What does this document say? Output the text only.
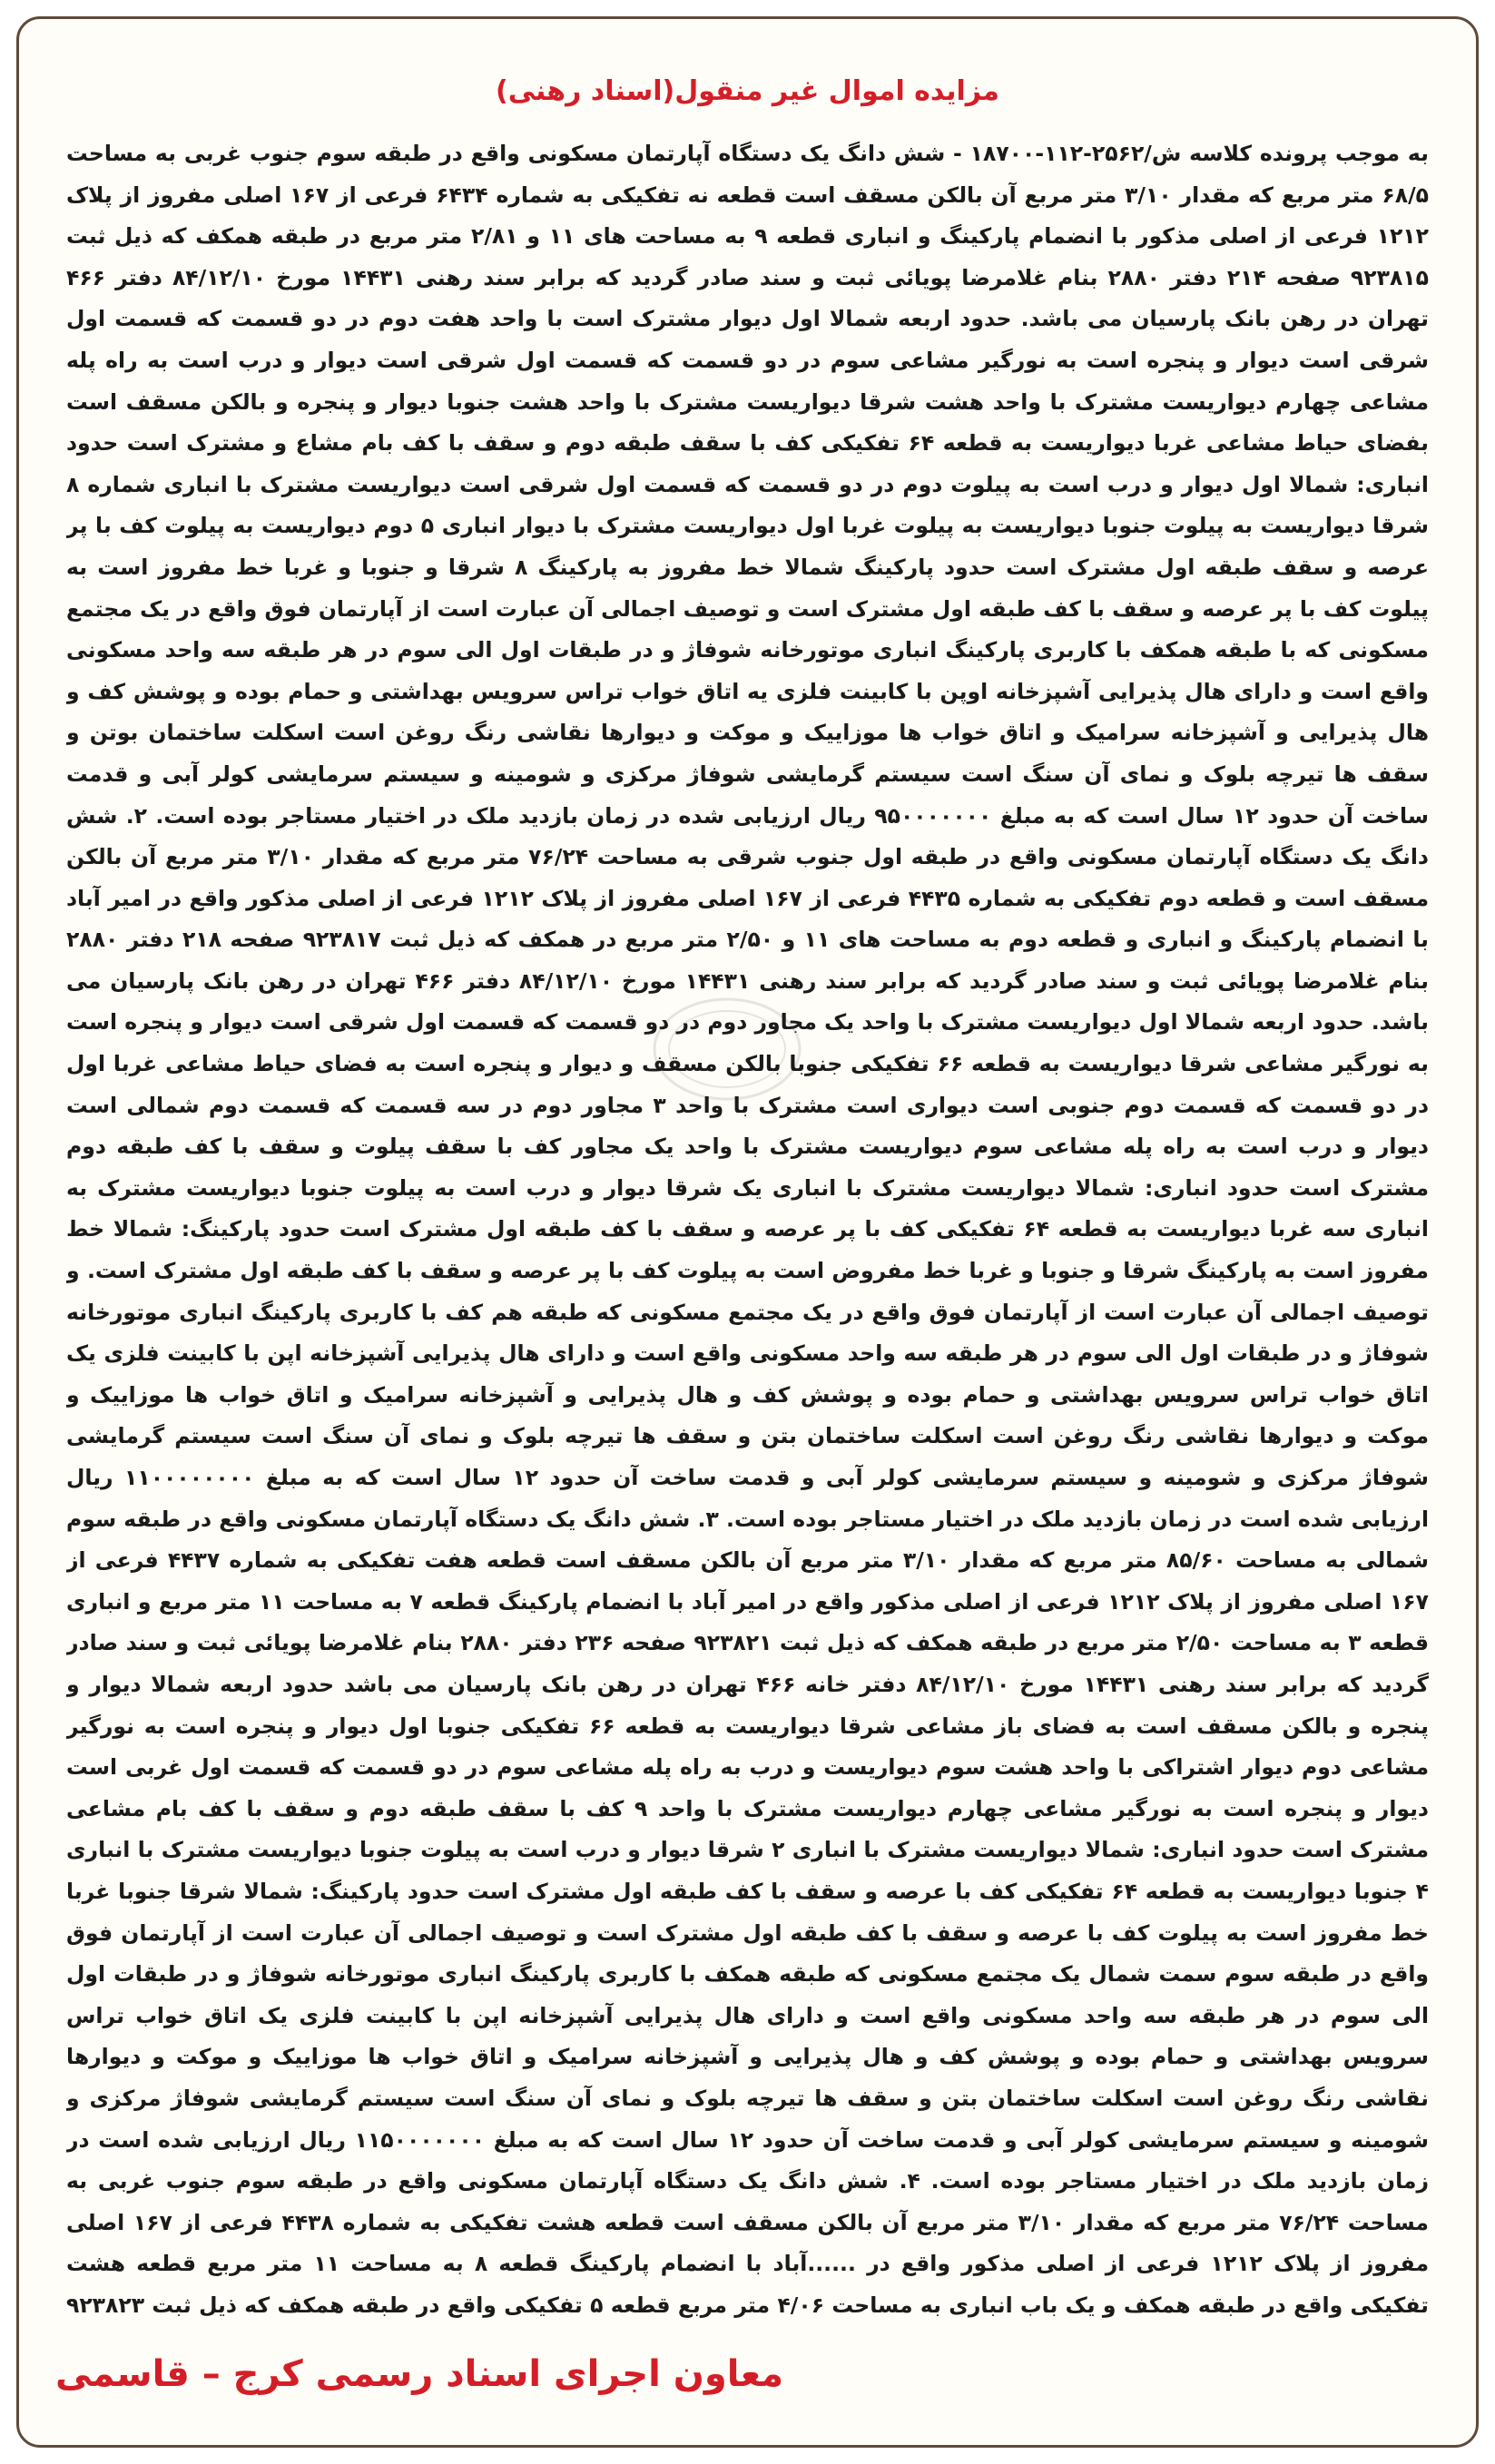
مزایده اموال غیر منقول(اسناد رهنی)

به موجب پرونده کلاسه ش/۲۵۶۲-۱۱۲-۱۸۷۰۰ - شش دانگ یک دستگاه آپارتمان مسکونی واقع در طبقه سوم جنوب غربی به مساحت ۶۸/۵ متر مربع که مقدار ۳/۱۰ متر مربع آن بالکن مسقف است قطعه نه تفکیکی به شماره ۶۴۳۴ فرعی از ۱۶۷ اصلی مفروز از پلاک ۱۲۱۲ فرعی از اصلی مذکور با انضمام پارکینگ و انباری قطعه ۹ به مساحت های ۱۱ و ۲/۸۱ متر مربع در طبقه همکف که ذیل ثبت ۹۲۳۸۱۵ صفحه ۲۱۴ دفتر ۲۸۸۰ بنام غلامرضا پویائی ثبت و سند صادر گردید که برابر سند رهنی ۱۴۴۳۱ مورخ ۸۴/۱۲/۱۰ دفتر ۴۶۶ تهران در رهن بانک پارسیان می باشد. حدود اربعه شمالا اول دیوار مشترک است با واحد هفت دوم در دو قسمت که قسمت اول شرقی است دیوار و پنجره است به نورگیر مشاعی سوم در دو قسمت که قسمت اول شرقی است دیوار و درب است به راه پله مشاعی چهارم دیواریست مشترک با واحد هشت شرقا دیواریست مشترک با واحد هشت جنوبا دیوار و پنجره و بالکن مسقف است بفضای حیاط مشاعی غربا دیواریست به قطعه ۶۴ تفکیکی کف با سقف طبقه دوم و سقف با کف بام مشاع و مشترک است حدود انباری: شمالا اول دیوار و درب است به پیلوت دوم در دو قسمت که قسمت اول شرقی است دیواریست مشترک با انباری شماره ۸ شرقا دیواریست به پیلوت جنوبا دیواریست به پیلوت غربا اول دیواریست مشترک با دیوار انباری ۵ دوم دیواریست به پیلوت کف با پر عرصه و سقف طبقه اول مشترک است حدود پارکینگ شمالا خط مفروز به پارکینگ ۸ شرقا و جنوبا و غربا خط مفروز است به پیلوت کف با پر عرصه و سقف با کف طبقه اول مشترک است و توصیف اجمالی آن عبارت است از آپارتمان فوق واقع در یک مجتمع مسکونی که با طبقه همکف با کاربری پارکینگ انباری موتورخانه شوفاژ و در طبقات اول الی سوم در هر طبقه سه واحد مسکونی واقع است و دارای هال پذیرایی آشپزخانه اوپن با کابینت فلزی یه اتاق خواب تراس سرویس بهداشتی و حمام بوده و پوشش کف و هال پذیرایی و آشپزخانه سرامیک و اتاق خواب ها موزاییک و موکت و دیوارها نقاشی رنگ روغن است اسکلت ساختمان بوتن و سقف ها تیرچه بلوک و نمای آن سنگ است سیستم گرمایشی شوفاژ مرکزی و شومینه و سیستم سرمایشی کولر آبی و قدمت ساخت آن حدود ۱۲ سال است که به مبلغ ۹۵۰۰۰۰۰۰۰ ریال ارزیابی شده در زمان بازدید ملک در اختیار مستاجر بوده است. ۲. شش دانگ یک دستگاه آپارتمان مسکونی واقع در طبقه اول جنوب شرقی به مساحت ۷۶/۲۴ متر مربع که مقدار ۳/۱۰ متر مربع آن بالکن مسقف است و قطعه دوم تفکیکی به شماره ۴۴۳۵ فرعی از ۱۶۷ اصلی مفروز از پلاک ۱۲۱۲ فرعی از اصلی مذکور واقع در امیر آباد با انضمام پارکینگ و انباری و قطعه دوم به مساحت های ۱۱ و ۲/۵۰ متر مربع در همکف که ذیل ثبت ۹۲۳۸۱۷ صفحه ۲۱۸ دفتر ۲۸۸۰ بنام غلامرضا پویائی ثبت و سند صادر گردید که برابر سند رهنی ۱۴۴۳۱ مورخ ۸۴/۱۲/۱۰ دفتر ۴۶۶ تهران در رهن بانک پارسیان می باشد. حدود اربعه شمالا اول دیواریست مشترک با واحد یک مجاور دوم در دو قسمت که قسمت اول شرقی است دیوار و پنجره است به نورگیر مشاعی شرقا دیواریست به قطعه ۶۶ تفکیکی جنوبا بالکن مسقف و دیوار و پنجره است به فضای حیاط مشاعی غربا اول در دو قسمت که قسمت دوم جنوبی است دیواری است مشترک با واحد ۳ مجاور دوم در سه قسمت که قسمت دوم شمالی است دیوار و درب است به راه پله مشاعی سوم دیواریست مشترک با واحد یک مجاور کف با سقف پیلوت و سقف با کف طبقه دوم مشترک است حدود انباری: شمالا دیواریست مشترک با انباری یک شرقا دیوار و درب است به پیلوت جنوبا دیواریست مشترک به انباری سه غربا دیواریست به قطعه ۶۴ تفکیکی کف با پر عرصه و سقف با کف طبقه اول مشترک است حدود پارکینگ: شمالا خط مفروز است به پارکینگ شرقا و جنوبا و غربا خط مفروض است به پیلوت کف با پر عرصه و سقف با کف طبقه اول مشترک است. و توصیف اجمالی آن عبارت است از آپارتمان فوق واقع در یک مجتمع مسکونی که طبقه هم کف با کاربری پارکینگ انباری موتورخانه شوفاژ و در طبقات اول الی سوم در هر طبقه سه واحد مسکونی واقع است و دارای هال پذیرایی آشپزخانه اپن با کابینت فلزی یک اتاق خواب تراس سرویس بهداشتی و حمام بوده و پوشش کف و هال پذیرایی و آشپزخانه سرامیک و اتاق خواب ها موزاییک و موکت و دیوارها نقاشی رنگ روغن است اسکلت ساختمان بتن و سقف ها تیرچه بلوک و نمای آن سنگ است سیستم گرمایشی شوفاژ مرکزی و شومینه و سیستم سرمایشی کولر آبی و قدمت ساخت آن حدود ۱۲ سال است که به مبلغ ۱۱۰۰۰۰۰۰۰۰ ریال ارزیابی شده است در زمان بازدید ملک در اختیار مستاجر بوده است. ۳. شش دانگ یک دستگاه آپارتمان مسکونی واقع در طبقه سوم شمالی به مساحت ۸۵/۶۰ متر مربع که مقدار ۳/۱۰ متر مربع آن بالکن مسقف است قطعه هفت تفکیکی به شماره ۴۴۳۷ فرعی از ۱۶۷ اصلی مفروز از پلاک ۱۲۱۲ فرعی از اصلی مذکور واقع در امیر آباد با انضمام پارکینگ قطعه ۷ به مساحت ۱۱ متر مربع و انباری قطعه ۳ به مساحت ۲/۵۰ متر مربع در طبقه همکف که ذیل ثبت ۹۲۳۸۲۱ صفحه ۲۳۶ دفتر ۲۸۸۰ بنام غلامرضا پویائی ثبت و سند صادر گردید که برابر سند رهنی ۱۴۴۳۱ مورخ ۸۴/۱۲/۱۰ دفتر خانه ۴۶۶ تهران در رهن بانک پارسیان می باشد حدود اربعه شمالا دیوار و پنجره و بالکن مسقف است به فضای باز مشاعی شرقا دیواریست به قطعه ۶۶ تفکیکی جنوبا اول دیوار و پنجره است به نورگیر مشاعی دوم دیوار اشتراکی با واحد هشت سوم دیواریست و درب به راه پله مشاعی سوم در دو قسمت که قسمت اول غربی است دیوار و پنجره است به نورگیر مشاعی چهارم دیواریست مشترک با واحد ۹ کف با سقف طبقه دوم و سقف با کف بام مشاعی مشترک است حدود انباری: شمالا دیواریست مشترک با انباری ۲ شرقا دیوار و درب است به پیلوت جنوبا دیواریست مشترک با انباری ۴ جنوبا دیواریست به قطعه ۶۴ تفکیکی کف با عرصه و سقف با کف طبقه اول مشترک است حدود پارکینگ: شمالا شرقا جنوبا غربا خط مفروز است به پیلوت کف با عرصه و سقف با کف طبقه اول مشترک است و توصیف اجمالی آن عبارت است از آپارتمان فوق واقع در طبقه سوم سمت شمال یک مجتمع مسکونی که طبقه همکف با کاربری پارکینگ انباری موتورخانه شوفاژ و در طبقات اول الی سوم در هر طبقه سه واحد مسکونی واقع است و دارای هال پذیرایی آشپزخانه اپن با کابینت فلزی یک اتاق خواب تراس سرویس بهداشتی و حمام بوده و پوشش کف و هال پذیرایی و آشپزخانه سرامیک و اتاق خواب ها موزاییک و موکت و دیوارها نقاشی رنگ روغن است اسکلت ساختمان بتن و سقف ها تیرچه بلوک و نمای آن سنگ است سیستم گرمایشی شوفاژ مرکزی و شومینه و سیستم سرمایشی کولر آبی و قدمت ساخت آن حدود ۱۲ سال است که به مبلغ ۱۱۵۰۰۰۰۰۰۰ ریال ارزیابی شده است در زمان بازدید ملک در اختیار مستاجر بوده است. ۴. شش دانگ یک دستگاه آپارتمان مسکونی واقع در طبقه سوم جنوب غربی به مساحت ۷۶/۲۴ متر مربع که مقدار ۳/۱۰ متر مربع آن بالکن مسقف است قطعه هشت تفکیکی به شماره ۴۴۳۸ فرعی از ۱۶۷ اصلی مفروز از پلاک ۱۲۱۲ فرعی از اصلی مذکور واقع در ......آباد با انضمام پارکینگ قطعه ۸ به مساحت ۱۱ متر مربع قطعه هشت تفکیکی واقع در طبقه همکف و یک باب انباری به مساحت ۴/۰۶ متر مربع قطعه ۵ تفکیکی واقع در طبقه همکف که ذیل ثبت ۹۲۳۸۲۳

معاون اجرای اسناد رسمی کرج – قاسمی
